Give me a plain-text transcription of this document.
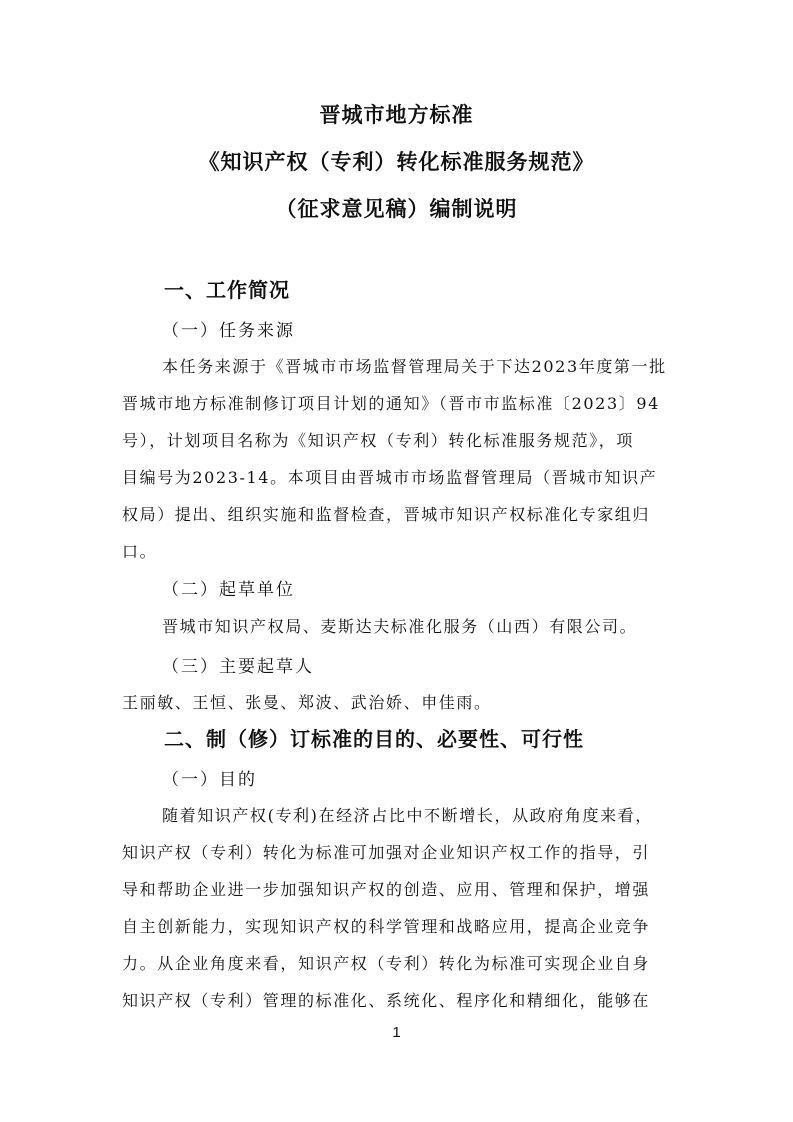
晋城市地方标准
《知识产权（专利）转化标准服务规范》
（征求意见稿）编制说明
一、工作简况
（一）任务来源
本任务来源于《晋城市市场监督管理局关于下达2023年度第一批
晋城市地方标准制修订项目计划的通知》（晋市市监标准〔2023〕94
号），计划项目名称为《知识产权（专利）转化标准服务规范》，项
目编号为2023-14。本项目由晋城市市场监督管理局（晋城市知识产
权局）提出、组织实施和监督检查，晋城市知识产权标准化专家组归
口。
（二）起草单位
晋城市知识产权局、麦斯达夫标准化服务（山西）有限公司。
（三）主要起草人
王丽敏、王恒、张曼、郑波、武治娇、申佳雨。
二、制（修）订标准的目的、必要性、可行性
（一）目的
随着知识产权(专利)在经济占比中不断增长，从政府角度来看，
知识产权（专利）转化为标准可加强对企业知识产权工作的指导，引
导和帮助企业进一步加强知识产权的创造、应用、管理和保护，增强
自主创新能力，实现知识产权的科学管理和战略应用，提高企业竞争
力。从企业角度来看，知识产权（专利）转化为标准可实现企业自身
知识产权（专利）管理的标准化、系统化、程序化和精细化，能够在
1
